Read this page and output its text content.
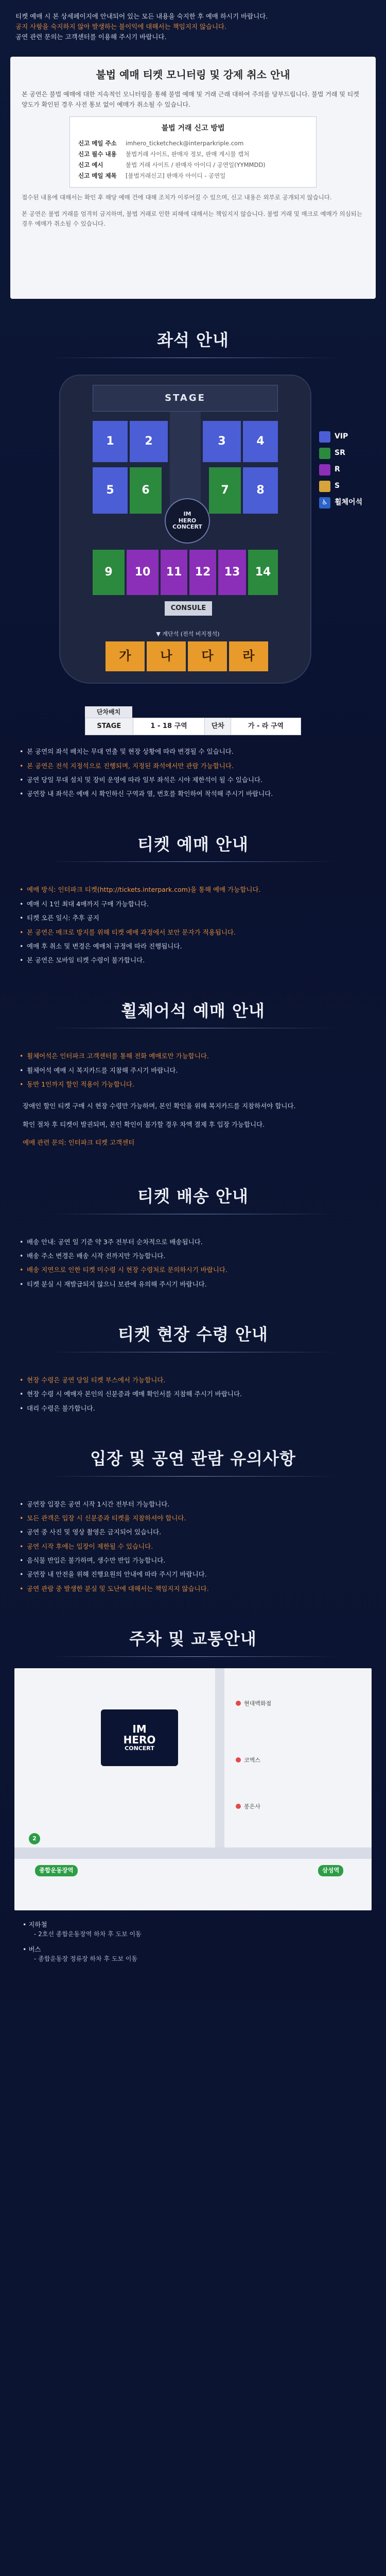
티켓 예매 시 본 상세페이지에 안내되어 있는 모든 내용을 숙지한 후 예매 하시기 바랍니다.
공지 사항을 숙지하지 않아 발생하는 불이익에 대해서는 책임지지 않습니다.
공연 관련 문의는 고객센터를 이용해 주시기 바랍니다.
불법 예매 티켓 모니터링 및 강제 취소 안내

본 공연은 불법 예매에 대한 지속적인 모니터링을 통해 불법 예매 및 거래 근래 대하여 주의를 당부드립니다. 불법 거래 및 티켓 양도가 확인된 경우 사전 통보 없이 예매가 취소될 수 있습니다.

불법 거래 신고 방법
신고 메일 주소	imhero_ticketcheck@interparkriple.com
신고 필수 내용	불법거래 사이트, 판매자 정보, 판매 게시물 캡처
신고 예시	불법 거래 사이트 / 판매자 아이디 / 공연일(YYMMDD)
신고 메일 제목	[불법거래신고] 판매자 아이디 - 공연일

접수된 내용에 대해서는 확인 후 해당 예매 건에 대해 조치가 이루어질 수 있으며, 신고 내용은 외부로 공개되지 않습니다.

본 공연은 불법 거래를 엄격히 금지하며, 불법 거래로 인한 피해에 대해서는 책임지지 않습니다. 불법 거래 및 매크로 예매가 의심되는 경우 예매가 취소될 수 있습니다.

좌석 안내
STAGE
1	2	3	4
5	6	7	8
IM
HERO
CONCERT
9	10	11	12	13	14
CONSULE
▼ 계단석 (전석 비지정석)
가	나	다	라
VIP
SR
R
S
♿ 휠체어석
단차배치
STAGE	1 - 18 구역	단차	가 - 라 구역
• 본 공연의 좌석 배치는 무대 연출 및 현장 상황에 따라 변경될 수 있습니다.
• 본 공연은 전석 지정석으로 진행되며, 지정된 좌석에서만 관람 가능합니다.
• 공연 당일 무대 설치 및 장비 운영에 따라 일부 좌석은 시야 제한석이 될 수 있습니다.
• 공연장 내 좌석은 예매 시 확인하신 구역과 열, 번호를 확인하여 착석해 주시기 바랍니다.
티켓 예매 안내
• 예매 방식: 인터파크 티켓(http://tickets.interpark.com)을 통해 예매 가능합니다.
• 예매 시 1인 최대 4매까지 구매 가능합니다.
• 티켓 오픈 일시: 추후 공지
• 본 공연은 매크로 방지를 위해 티켓 예매 과정에서 보안 문자가 적용됩니다.
• 예매 후 취소 및 변경은 예매처 규정에 따라 진행됩니다.
• 본 공연은 모바일 티켓 수령이 불가합니다.
휠체어석 예매 안내
• 휠체어석은 인터파크 고객센터를 통해 전화 예매로만 가능합니다.
• 휠체어석 예매 시 복지카드를 지참해 주시기 바랍니다.
• 동반 1인까지 할인 적용이 가능합니다.

장애인 할인 티켓 구매 시 현장 수령만 가능하며, 본인 확인을 위해 복지카드를 지참하셔야 합니다.

확인 절차 후 티켓이 발권되며, 본인 확인이 불가할 경우 차액 결제 후 입장 가능합니다.

예매 관련 문의: 인터파크 티켓 고객센터

티켓 배송 안내
• 배송 안내: 공연 일 기준 약 3주 전부터 순차적으로 배송됩니다.
• 배송 주소 변경은 배송 시작 전까지만 가능합니다.
• 배송 지연으로 인한 티켓 미수령 시 현장 수령처로 문의하시기 바랍니다.
• 티켓 분실 시 재발급되지 않으니 보관에 유의해 주시기 바랍니다.
티켓 현장 수령 안내
• 현장 수령은 공연 당일 티켓 부스에서 가능합니다.
• 현장 수령 시 예매자 본인의 신분증과 예매 확인서를 지참해 주시기 바랍니다.
• 대리 수령은 불가합니다.
입장 및 공연 관람 유의사항
• 공연장 입장은 공연 시작 1시간 전부터 가능합니다.
• 모든 관객은 입장 시 신분증과 티켓을 지참하셔야 합니다.
• 공연 중 사진 및 영상 촬영은 금지되어 있습니다.
• 공연 시작 후에는 입장이 제한될 수 있습니다.
• 음식물 반입은 불가하며, 생수만 반입 가능합니다.
• 공연장 내 안전을 위해 진행요원의 안내에 따라 주시기 바랍니다.
• 공연 관람 중 발생한 분실 및 도난에 대해서는 책임지지 않습니다.
주차 및 교통안내
IM
HERO
CONCERT
현대백화점
코엑스
봉은사
2
종합운동장역	삼성역
• 지하철
- 2호선 종합운동장역 하차 후 도보 이동
• 버스
- 종합운동장 정류장 하차 후 도보 이동
